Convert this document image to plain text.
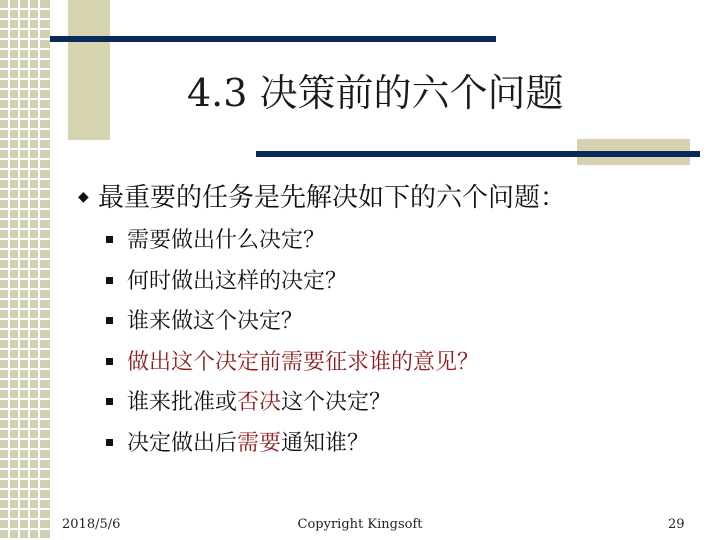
4.3 决策前的六个问题
◆ 最重要的任务是先解决如下的六个问题：
需要做出什么决定？
何时做出这样的决定？
谁来做这个决定？
做出这个决定前需要征求谁的意见？
谁来批准或否决这个决定？
决定做出后需要通知谁？
2018/5/6	Copyright Kingsoft	29
